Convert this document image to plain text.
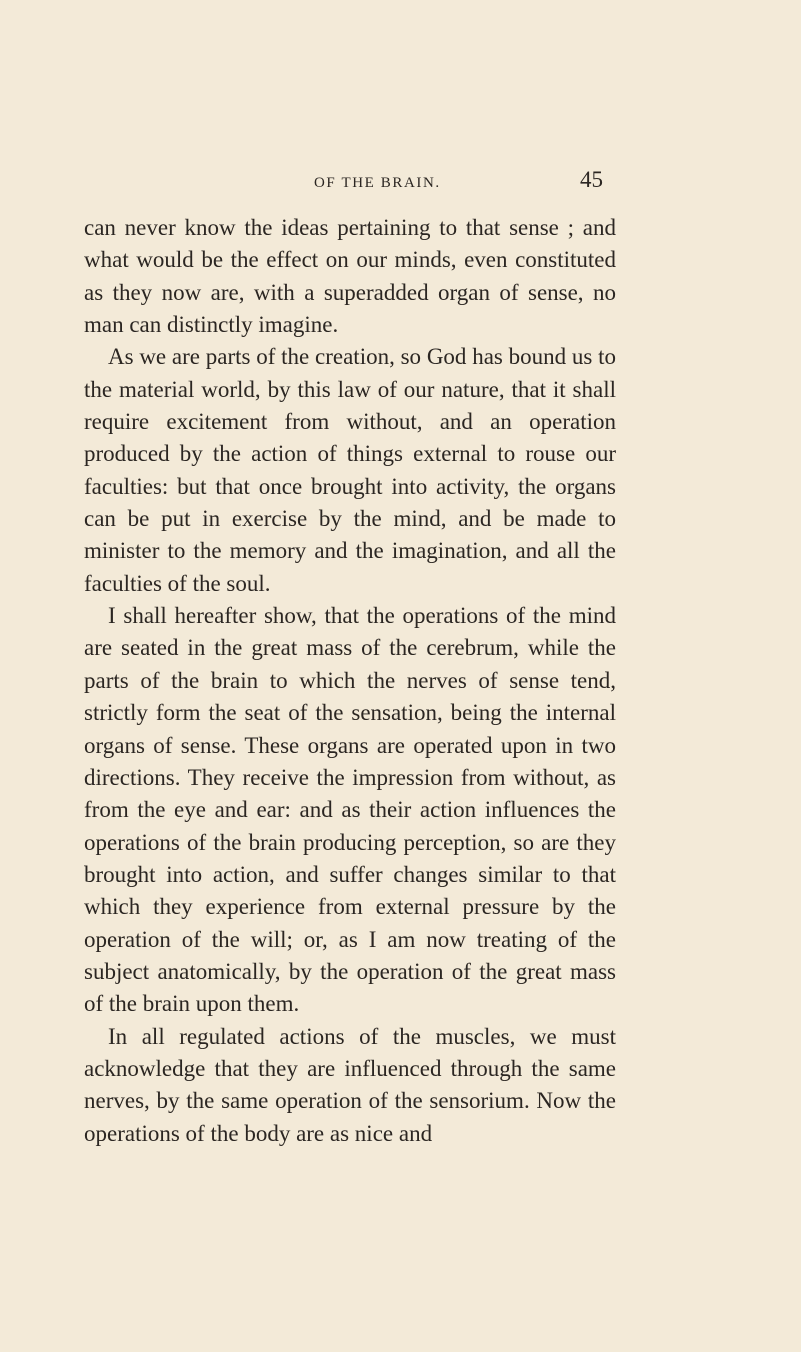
OF THE BRAIN.	45

can never know the ideas pertaining to that sense ; and what would be the effect on our minds, even constituted as they now are, with a superadded organ of sense, no man can distinctly imagine.

As we are parts of the creation, so God has bound us to the material world, by this law of our nature, that it shall require excitement from without, and an operation produced by the action of things external to rouse our faculties: but that once brought into activity, the organs can be put in exercise by the mind, and be made to minister to the memory and the imagination, and all the faculties of the soul.

I shall hereafter show, that the operations of the mind are seated in the great mass of the cerebrum, while the parts of the brain to which the nerves of sense tend, strictly form the seat of the sensation, being the internal organs of sense. These organs are operated upon in two directions. They receive the impression from without, as from the eye and ear: and as their action influences the operations of the brain producing perception, so are they brought into action, and suffer changes similar to that which they experience from external pressure by the operation of the will; or, as I am now treating of the subject anatomically, by the operation of the great mass of the brain upon them.

In all regulated actions of the muscles, we must acknowledge that they are influenced through the same nerves, by the same operation of the sensorium. Now the operations of the body are as nice and
